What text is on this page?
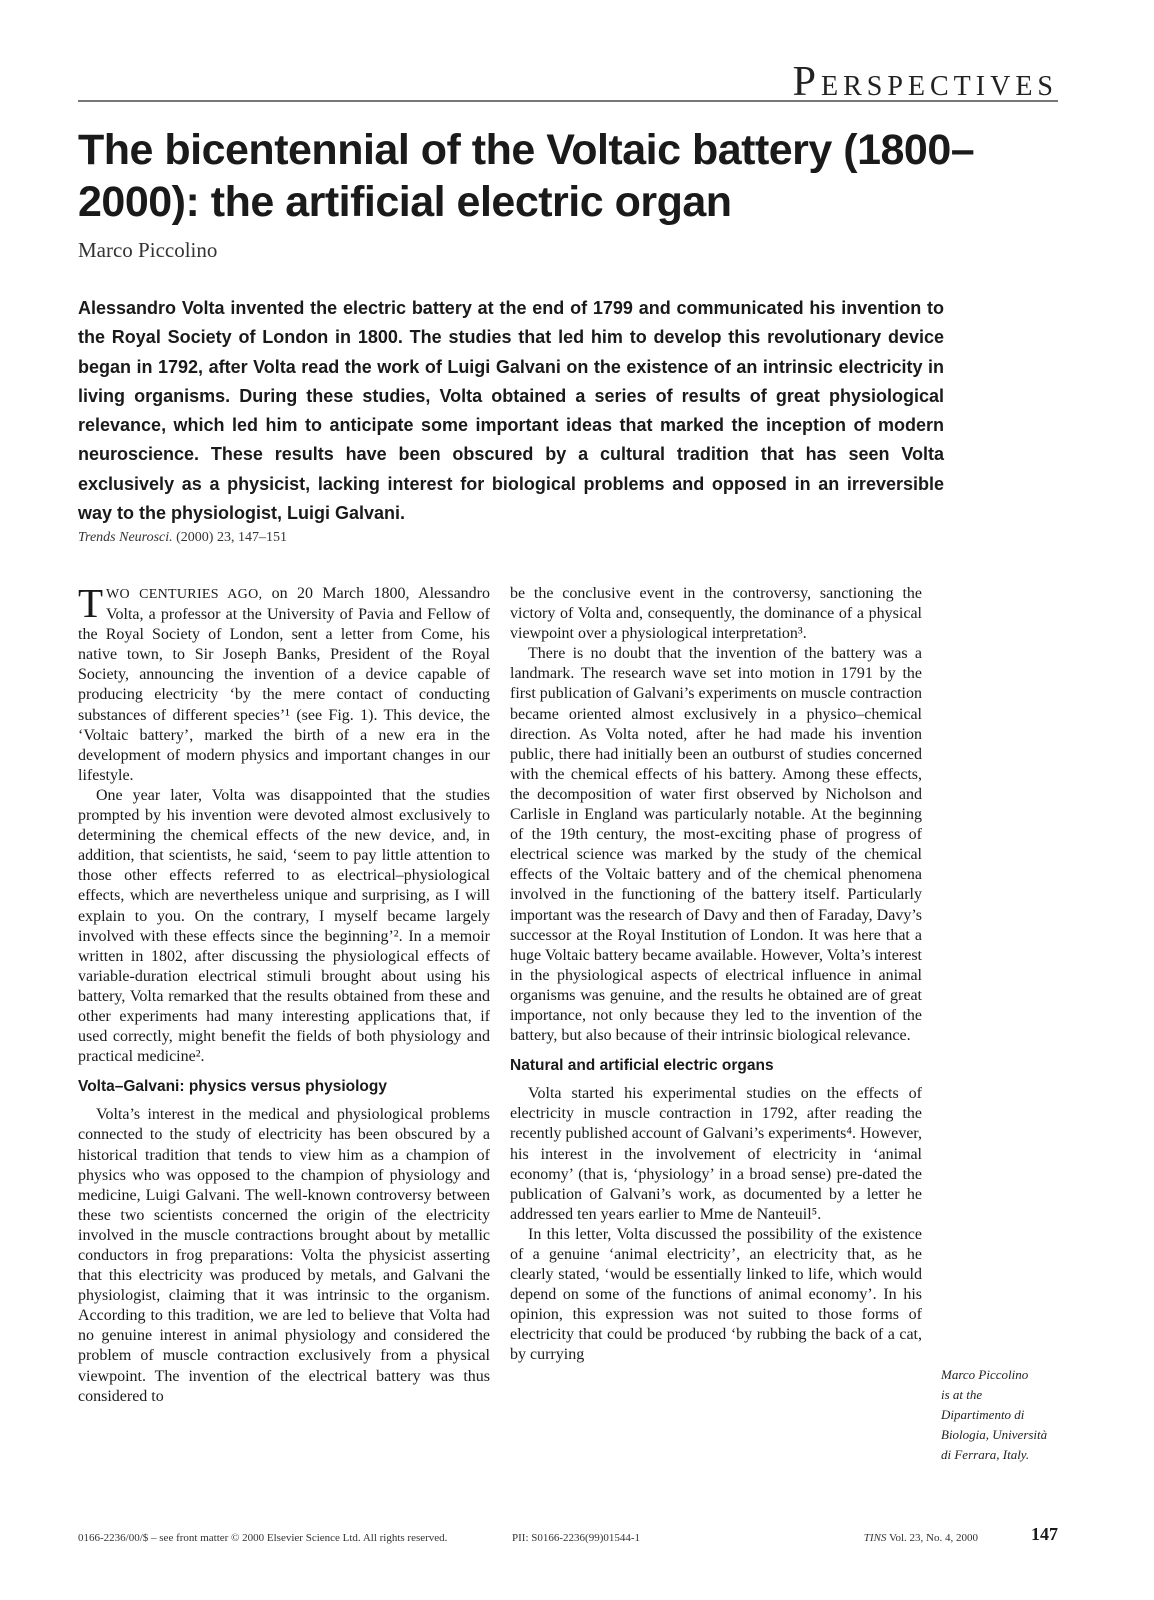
PERSPECTIVES
The bicentennial of the Voltaic battery (1800–2000): the artificial electric organ
Marco Piccolino

Alessandro Volta invented the electric battery at the end of 1799 and communicated his invention to the Royal Society of London in 1800. The studies that led him to develop this revolutionary device began in 1792, after Volta read the work of Luigi Galvani on the existence of an intrinsic electricity in living organisms. During these studies, Volta obtained a series of results of great physiological relevance, which led him to anticipate some important ideas that marked the inception of modern neuroscience. These results have been obscured by a cultural tradition that has seen Volta exclusively as a physicist, lacking interest for biological problems and opposed in an irreversible way to the physiologist, Luigi Galvani.

Trends Neurosci. (2000) 23, 147–151

TWO CENTURIES AGO, on 20 March 1800, Alessandro Volta, a professor at the University of Pavia and Fellow of the Royal Society of London, sent a letter from Come, his native town, to Sir Joseph Banks, President of the Royal Society, announcing the invention of a device capable of producing electricity ‘by the mere contact of conducting substances of different species’¹ (see Fig. 1). This device, the ‘Voltaic battery’, marked the birth of a new era in the development of modern physics and important changes in our lifestyle.

One year later, Volta was disappointed that the studies prompted by his invention were devoted almost exclusively to determining the chemical effects of the new device, and, in addition, that scientists, he said, ‘seem to pay little attention to those other effects referred to as electrical–physiological effects, which are nevertheless unique and surprising, as I will explain to you. On the contrary, I myself became largely involved with these effects since the beginning’². In a memoir written in 1802, after discussing the physiological effects of variable-duration electrical stimuli brought about using his battery, Volta remarked that the results obtained from these and other experiments had many interesting applications that, if used correctly, might benefit the fields of both physiology and practical medicine².

Volta–Galvani: physics versus physiology

Volta’s interest in the medical and physiological problems connected to the study of electricity has been obscured by a historical tradition that tends to view him as a champion of physics who was opposed to the champion of physiology and medicine, Luigi Galvani. The well-known controversy between these two scientists concerned the origin of the electricity involved in the muscle contractions brought about by metallic conductors in frog preparations: Volta the physicist asserting that this electricity was produced by metals, and Galvani the physiologist, claiming that it was intrinsic to the organism. According to this tradition, we are led to believe that Volta had no genuine interest in animal physiology and considered the problem of muscle contraction exclusively from a physical viewpoint. The invention of the electrical battery was thus considered to

be the conclusive event in the controversy, sanctioning the victory of Volta and, consequently, the dominance of a physical viewpoint over a physiological interpretation³.

There is no doubt that the invention of the battery was a landmark. The research wave set into motion in 1791 by the first publication of Galvani’s experiments on muscle contraction became oriented almost exclusively in a physico–chemical direction. As Volta noted, after he had made his invention public, there had initially been an outburst of studies concerned with the chemical effects of his battery. Among these effects, the decomposition of water first observed by Nicholson and Carlisle in England was particularly notable. At the beginning of the 19th century, the most-exciting phase of progress of electrical science was marked by the study of the chemical effects of the Voltaic battery and of the chemical phenomena involved in the functioning of the battery itself. Particularly important was the research of Davy and then of Faraday, Davy’s successor at the Royal Institution of London. It was here that a huge Voltaic battery became available. However, Volta’s interest in the physiological aspects of electrical influence in animal organisms was genuine, and the results he obtained are of great importance, not only because they led to the invention of the battery, but also because of their intrinsic biological relevance.

Natural and artificial electric organs

Volta started his experimental studies on the effects of electricity in muscle contraction in 1792, after reading the recently published account of Galvani’s experiments⁴. However, his interest in the involvement of electricity in ‘animal economy’ (that is, ‘physiology’ in a broad sense) pre-dated the publication of Galvani’s work, as documented by a letter he addressed ten years earlier to Mme de Nanteuil⁵.

In this letter, Volta discussed the possibility of the existence of a genuine ‘animal electricity’, an electricity that, as he clearly stated, ‘would be essentially linked to life, which would depend on some of the functions of animal economy’. In his opinion, this expression was not suited to those forms of electricity that could be produced ‘by rubbing the back of a cat, by currying

Marco Piccolino
is at the
Dipartimento di
Biologia, Università
di Ferrara, Italy.
0166-2236/00/$ – see front matter © 2000 Elsevier Science Ltd. All rights reserved.	PII: S0166-2236(99)01544-1	TINS Vol. 23, No. 4, 2000	147
